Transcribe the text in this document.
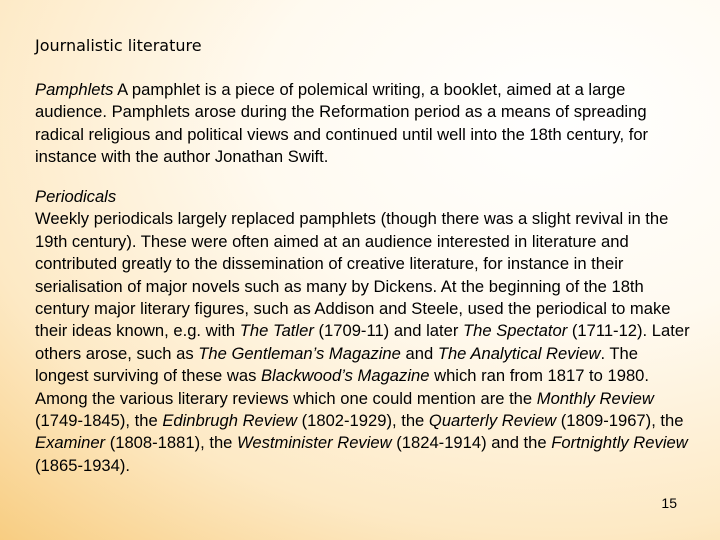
Journalistic literature
Pamphlets A pamphlet is a piece of polemical writing, a booklet, aimed at a large audience. Pamphlets arose during the Reformation period as a means of spreading radical religious and political views and continued until well into the 18th century, for instance with the author Jonathan Swift.
Periodicals
Weekly periodicals largely replaced pamphlets (though there was a slight revival in the 19th century). These were often aimed at an audience interested in literature and contributed greatly to the dissemination of creative literature, for instance in their serialisation of major novels such as many by Dickens. At the beginning of the 18th century major literary figures, such as Addison and Steele, used the periodical to make their ideas known, e.g. with The Tatler (1709-11) and later The Spectator (1711-12). Later others arose, such as The Gentleman’s Magazine and The Analytical Review. The longest surviving of these was Blackwood’s Magazine which ran from 1817 to 1980. Among the various literary reviews which one could mention are the Monthly Review (1749-1845), the Edinbrugh Review (1802-1929), the Quarterly Review (1809-1967), the Examiner (1808-1881), the Westminister Review (1824-1914) and the Fortnightly Review (1865-1934).
15
